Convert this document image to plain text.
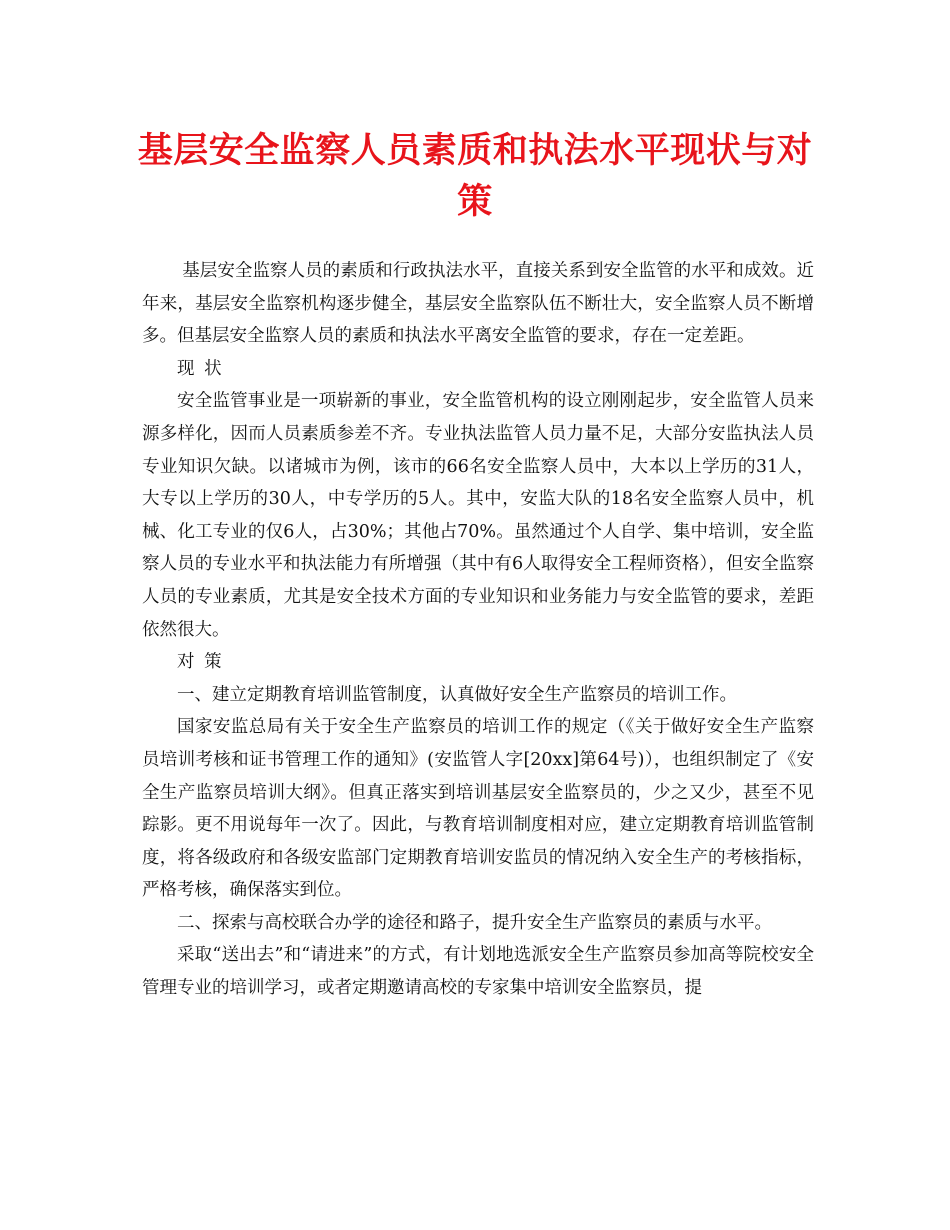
基层安全监察人员素质和执法水平现状与对策

基层安全监察人员的素质和行政执法水平，直接关系到安全监管的水平和成效。近年来，基层安全监察机构逐步健全，基层安全监察队伍不断壮大，安全监察人员不断增多。但基层安全监察人员的素质和执法水平离安全监管的要求，存在一定差距。

现状

安全监管事业是一项崭新的事业，安全监管机构的设立刚刚起步，安全监管人员来源多样化，因而人员素质参差不齐。专业执法监管人员力量不足，大部分安监执法人员专业知识欠缺。以诸城市为例，该市的66名安全监察人员中，大本以上学历的31人，大专以上学历的30人，中专学历的5人。其中，安监大队的18名安全监察人员中，机械、化工专业的仅6人，占30%；其他占70%。虽然通过个人自学、集中培训，安全监察人员的专业水平和执法能力有所增强（其中有6人取得安全工程师资格），但安全监察人员的专业素质，尤其是安全技术方面的专业知识和业务能力与安全监管的要求，差距依然很大。

对策

一、建立定期教育培训监管制度，认真做好安全生产监察员的培训工作。

国家安监总局有关于安全生产监察员的培训工作的规定（《关于做好安全生产监察员培训考核和证书管理工作的通知》(安监管人字[20xx]第64号)），也组织制定了《安全生产监察员培训大纲》。但真正落实到培训基层安全监察员的，少之又少，甚至不见踪影。更不用说每年一次了。因此，与教育培训制度相对应，建立定期教育培训监管制度，将各级政府和各级安监部门定期教育培训安监员的情况纳入安全生产的考核指标，严格考核，确保落实到位。

二、探索与高校联合办学的途径和路子，提升安全生产监察员的素质与水平。

采取“送出去”和“请进来”的方式，有计划地选派安全生产监察员参加高等院校安全管理专业的培训学习，或者定期邀请高校的专家集中培训安全监察员，提
